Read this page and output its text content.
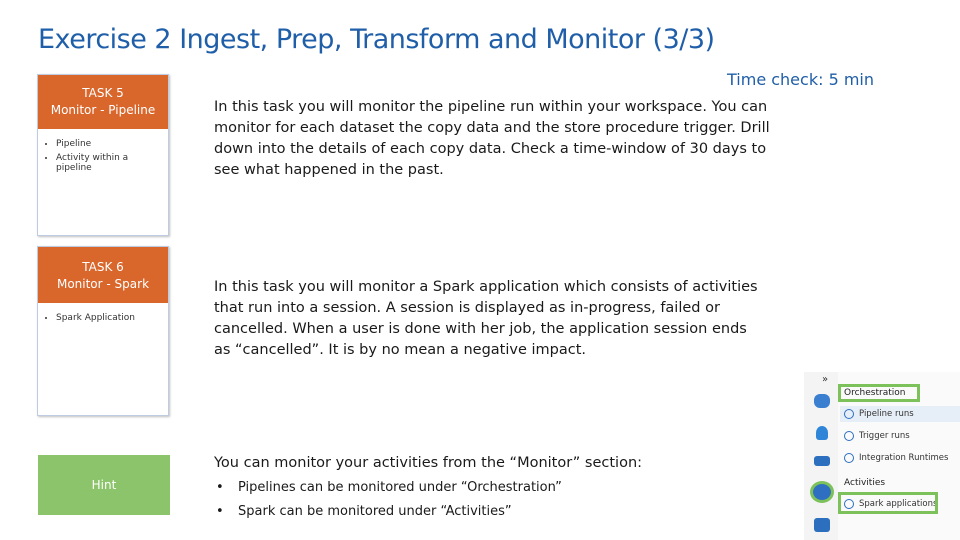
Exercise 2 Ingest, Prep, Transform and Monitor (3/3)
Time check: 5 min
TASK 5
Monitor - Pipeline
• Pipeline
• Activity within a pipeline
TASK 6
Monitor - Spark
• Spark Application
Hint
In this task you will monitor the pipeline run within your workspace. You can monitor for each dataset the copy data and the store procedure trigger. Drill down into the details of each copy data. Check a time-window of 30 days to see what happened in the past.
In this task you will monitor a Spark application which consists of activities that run into a session. A session is displayed as in-progress, failed or cancelled. When a user is done with her job, the application session ends as “cancelled”. It is by no mean a negative impact.
You can monitor your activities from the “Monitor” section:
• Pipelines can be monitored under “Orchestration”
• Spark can be monitored under “Activities”
»
Orchestration
Pipeline runs
Trigger runs
Integration Runtimes
Activities
Spark applications
